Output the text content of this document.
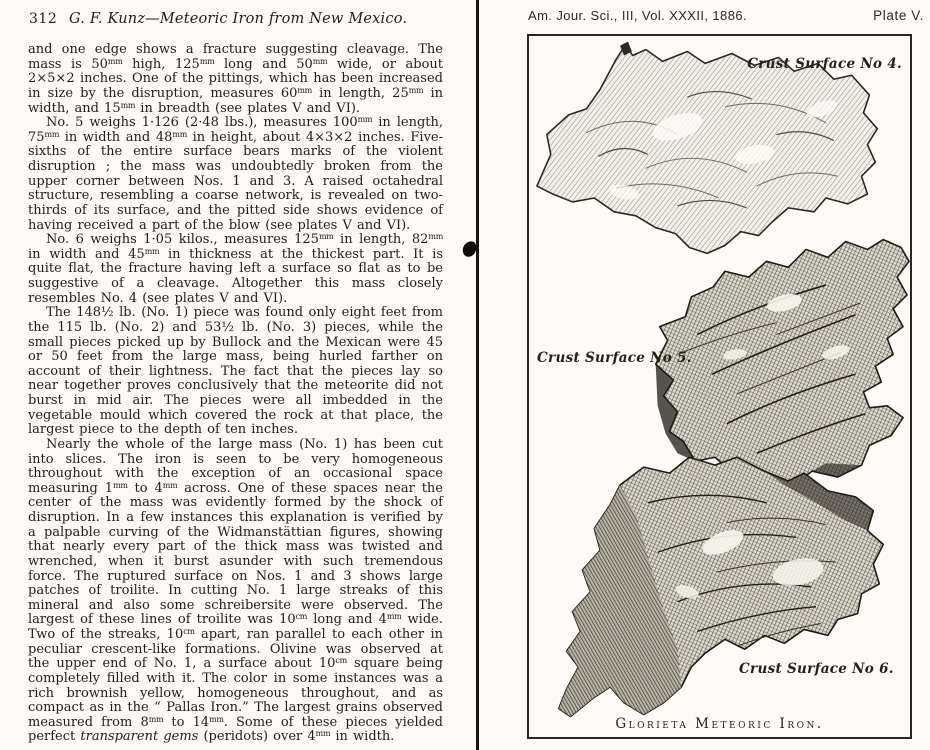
312 G. F. Kunz—Meteoric Iron from New Mexico.

and one edge shows a fracture suggesting cleavage. The mass is $50^{mm}$ high, $125^{mm}$ long and $50^{mm}$ wide, or about 2×5×2 inches. One of the pittings, which has been increased in size by the disruption, measures $60^{mm}$ in length, $25^{mm}$ in width, and $15^{mm}$ in breadth (see plates V and VI).

No. 5 weighs 1·126 (2·48 lbs.), measures $100^{mm}$ in length, $75^{mm}$ in width and $48^{mm}$ in height, about 4×3×2 inches. Five-sixths of the entire surface bears marks of the violent disruption ; the mass was undoubtedly broken from the upper corner between Nos. 1 and 3. A raised octahedral structure, resembling a coarse network, is revealed on two-thirds of its surface, and the pitted side shows evidence of having received a part of the blow (see plates V and VI).

No. 6 weighs 1·05 kilos., measures $125^{mm}$ in length, $82^{mm}$ in width and $45^{mm}$ in thickness at the thickest part. It is quite flat, the fracture having left a surface so flat as to be suggestive of a cleavage. Altogether this mass closely resembles No. 4 (see plates V and VI).

The 148½ lb. (No. 1) piece was found only eight feet from the 115 lb. (No. 2) and 53½ lb. (No. 3) pieces, while the small pieces picked up by Bullock and the Mexican were 45 or 50 feet from the large mass, being hurled farther on account of their lightness. The fact that the pieces lay so near together proves conclusively that the meteorite did not burst in mid air. The pieces were all imbedded in the vegetable mould which covered the rock at that place, the largest piece to the depth of ten inches.

Nearly the whole of the large mass (No. 1) has been cut into slices. The iron is seen to be very homogeneous throughout with the exception of an occasional space measuring $1^{mm}$ to $4^{mm}$ across. One of these spaces near the center of the mass was evidently formed by the shock of disruption. In a few instances this explanation is verified by a palpable curving of the Widmanstättian figures, showing that nearly every part of the thick mass was twisted and wrenched, when it burst asunder with such tremendous force. The ruptured surface on Nos. 1 and 3 shows large patches of troilite. In cutting No. 1 large streaks of this mineral and also some schreibersite were observed. The largest of these lines of troilite was $10^{cm}$ long and $4^{mm}$ wide. Two of the streaks, $10^{cm}$ apart, ran parallel to each other in peculiar crescent-like formations. Olivine was observed at the upper end of No. 1, a surface about $10^{cm}$ square being completely filled with it. The color in some instances was a rich brownish yellow, homogeneous throughout, and as compact as in the “ Pallas Iron.” The largest grains observed measured from $8^{mm}$ to $14^{mm}$. Some of these pieces yielded perfect transparent gems (peridots) over $4^{mm}$ in width.

Am. Jour. Sci., III, Vol. XXXII, 1886.	Plate V.
Crust Surface No 4.
Crust Surface No 5.
Crust Surface No 6.
Glorieta Meteoric Iron.
